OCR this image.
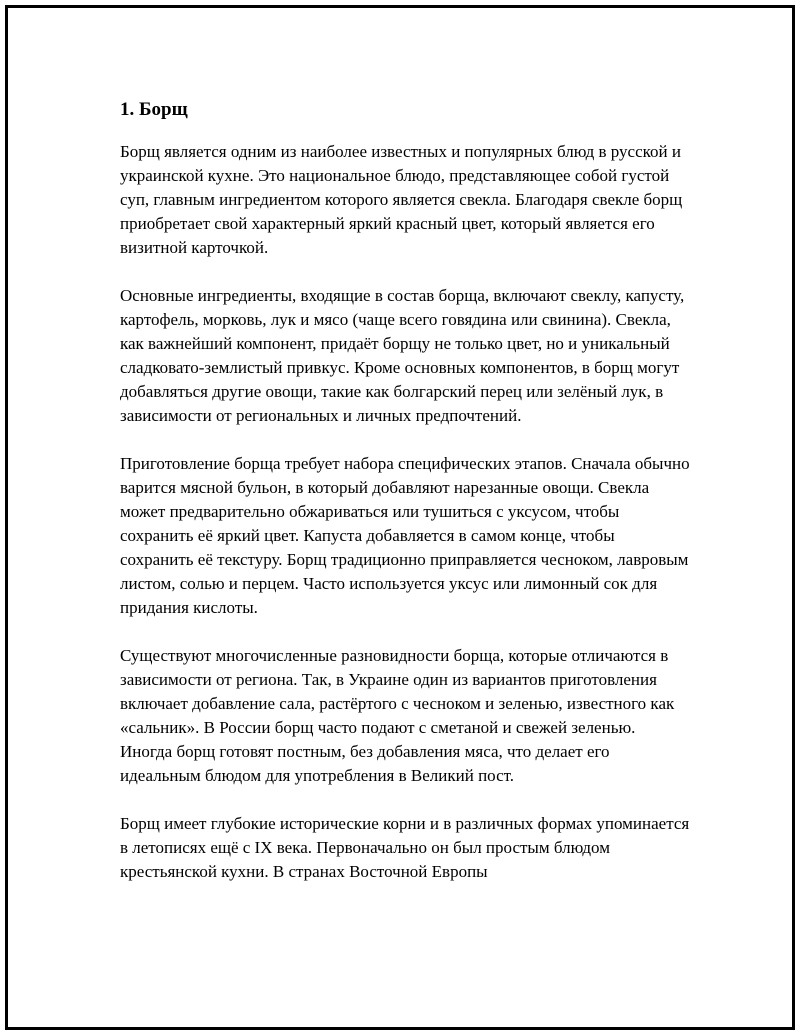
1. Борщ

Борщ является одним из наиболее известных и популярных блюд в русской и украинской кухне. Это национальное блюдо, представляющее собой густой суп, главным ингредиентом которого является свекла. Благодаря свекле борщ приобретает свой характерный яркий красный цвет, который является его визитной карточкой.

Основные ингредиенты, входящие в состав борща, включают свеклу, капусту, картофель, морковь, лук и мясо (чаще всего говядина или свинина). Свекла, как важнейший компонент, придаёт борщу не только цвет, но и уникальный сладковато-землистый привкус. Кроме основных компонентов, в борщ могут добавляться другие овощи, такие как болгарский перец или зелёный лук, в зависимости от региональных и личных предпочтений.

Приготовление борща требует набора специфических этапов. Сначала обычно варится мясной бульон, в который добавляют нарезанные овощи. Свекла может предварительно обжариваться или тушиться с уксусом, чтобы сохранить её яркий цвет. Капуста добавляется в самом конце, чтобы сохранить её текстуру. Борщ традиционно приправляется чесноком, лавровым листом, солью и перцем. Часто используется уксус или лимонный сок для придания кислоты.

Существуют многочисленные разновидности борща, которые отличаются в зависимости от региона. Так, в Украине один из вариантов приготовления включает добавление сала, растёртого с чесноком и зеленью, известного как «сальник». В России борщ часто подают с сметаной и свежей зеленью. Иногда борщ готовят постным, без добавления мяса, что делает его идеальным блюдом для употребления в Великий пост.

Борщ имеет глубокие исторические корни и в различных формах упоминается в летописях ещё с IX века. Первоначально он был простым блюдом крестьянской кухни. В странах Восточной Европы
